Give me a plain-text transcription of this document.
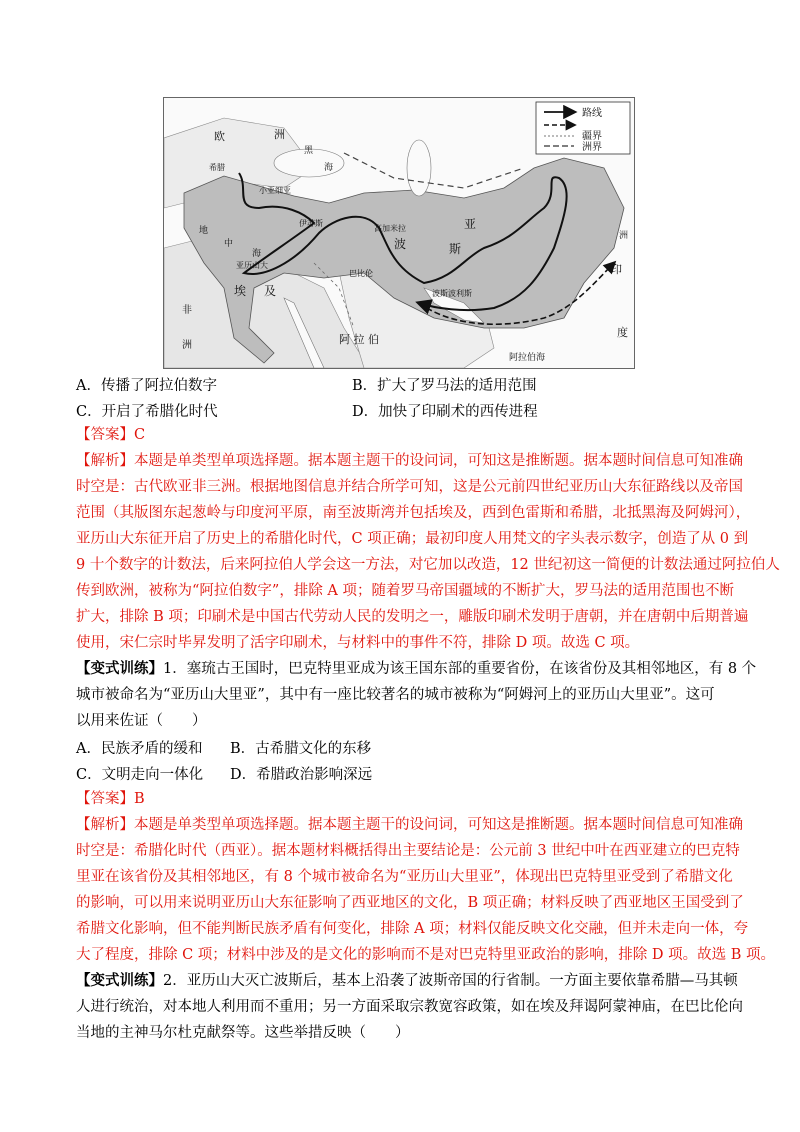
路线
疆界
洲界
欧	洲
希腊
小亚细亚
伊苏斯
高加米拉	亚
斯
波
巴比伦
波斯波利斯
亚历山大
埃 及
非
洲	阿 拉 伯
印
度
洲
阿拉伯海
地
中
海
黑
海
A．传播了阿拉伯数字	B．扩大了罗马法的适用范围
C．开启了希腊化时代	D．加快了印刷术的西传进程
【答案】C
【解析】本题是单类型单项选择题。据本题主题干的设问词，可知这是推断题。据本题时间信息可知准确
时空是：古代欧亚非三洲。根据地图信息并结合所学可知，这是公元前四世纪亚历山大东征路线以及帝国
范围（其版图东起葱岭与印度河平原，南至波斯湾并包括埃及，西到色雷斯和希腊，北抵黑海及阿姆河），
亚历山大东征开启了历史上的希腊化时代，C 项正确；最初印度人用梵文的字头表示数字，创造了从 0 到
9 十个数字的计数法，后来阿拉伯人学会这一方法，对它加以改造，12 世纪初这一简便的计数法通过阿拉伯人
传到欧洲，被称为“阿拉伯数字”，排除 A 项；随着罗马帝国疆域的不断扩大，罗马法的适用范围也不断
扩大，排除 B 项；印刷术是中国古代劳动人民的发明之一，雕版印刷术发明于唐朝，并在唐朝中后期普遍
使用，宋仁宗时毕昇发明了活字印刷术，与材料中的事件不符，排除 D 项。故选 C 项。
【变式训练】1．塞琉古王国时，巴克特里亚成为该王国东部的重要省份，在该省份及其相邻地区，有 8 个
城市被命名为“亚历山大里亚”，其中有一座比较著名的城市被称为“阿姆河上的亚历山大里亚”。这可
以用来佐证（　　）
A．民族矛盾的缓和 B．古希腊文化的东移
C．文明走向一体化 D．希腊政治影响深远
【答案】B
【解析】本题是单类型单项选择题。据本题主题干的设问词，可知这是推断题。据本题时间信息可知准确
时空是：希腊化时代（西亚）。据本题材料概括得出主要结论是：公元前 3 世纪中叶在西亚建立的巴克特
里亚在该省份及其相邻地区，有 8 个城市被命名为“亚历山大里亚”，体现出巴克特里亚受到了希腊文化
的影响，可以用来说明亚历山大东征影响了西亚地区的文化，B 项正确；材料反映了西亚地区王国受到了
希腊文化影响，但不能判断民族矛盾有何变化，排除 A 项；材料仅能反映文化交融，但并未走向一体，夸
大了程度，排除 C 项；材料中涉及的是文化的影响而不是对巴克特里亚政治的影响，排除 D 项。故选 B 项。
【变式训练】2．亚历山大灭亡波斯后，基本上沿袭了波斯帝国的行省制。一方面主要依靠希腊—马其顿
人进行统治，对本地人利用而不重用；另一方面采取宗教宽容政策，如在埃及拜谒阿蒙神庙，在巴比伦向
当地的主神马尔杜克献祭等。这些举措反映（　　）
